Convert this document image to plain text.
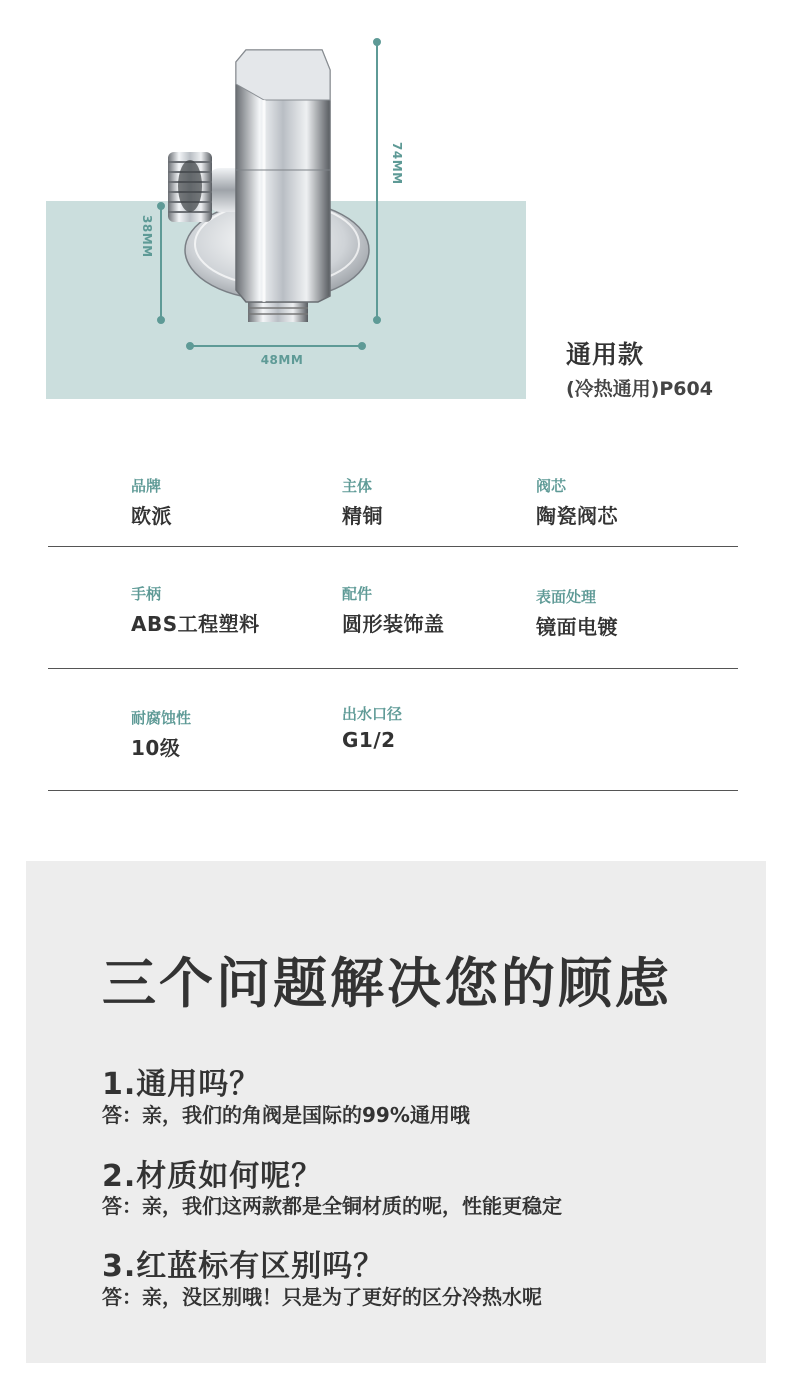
38MM
74MM
48MM	通用款
(冷热通用)P604
品牌
欧派
主体
精铜
阀芯
陶瓷阀芯
手柄
ABS工程塑料
配件
圆形装饰盖
表面处理
镜面电镀
耐腐蚀性
10级
出水口径
G1/2
三个问题解决您的顾虑
1.通用吗？
答：亲，我们的角阀是国际的99%通用哦
2.材质如何呢？
答：亲，我们这两款都是全铜材质的呢，性能更稳定
3.红蓝标有区别吗？
答：亲，没区别哦！只是为了更好的区分冷热水呢
